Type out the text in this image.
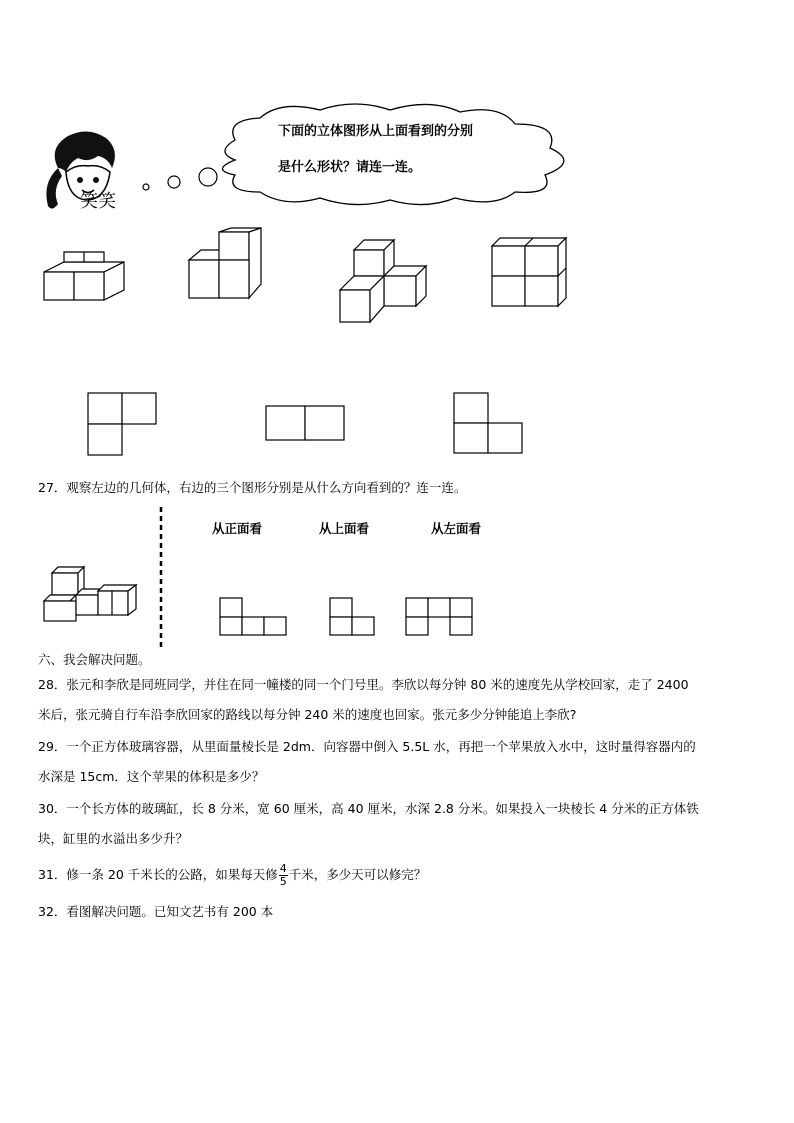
笑笑
下面的立体图形从上面看到的分别
是什么形状？请连一连。
27．观察左边的几何体，右边的三个图形分别是从什么方向看到的？连一连。
从正面看	从上面看	从左面看
六、我会解决问题。
28．张元和李欣是同班同学，并住在同一幢楼的同一个门号里。李欣以每分钟 80 米的速度先从学校回家，走了 2400
米后，张元骑自行车沿李欣回家的路线以每分钟 240 米的速度也回家。张元多少分钟能追上李欣?
29．一个正方体玻璃容器，从里面量棱长是 2dm．向容器中倒入 5.5L 水，再把一个苹果放入水中，这时量得容器内的
水深是 15cm．这个苹果的体积是多少？
30．一个长方体的玻璃缸，长 8 分米，宽 60 厘米，高 40 厘米，水深 2.8 分米。如果投入一块棱长 4 分米的正方体铁
块，缸里的水溢出多少升？
31．修一条 20 千米长的公路，如果每天修 $\frac{4}{5}$ 千米，多少天可以修完？
32．看图解决问题。已知文艺书有 200 本
